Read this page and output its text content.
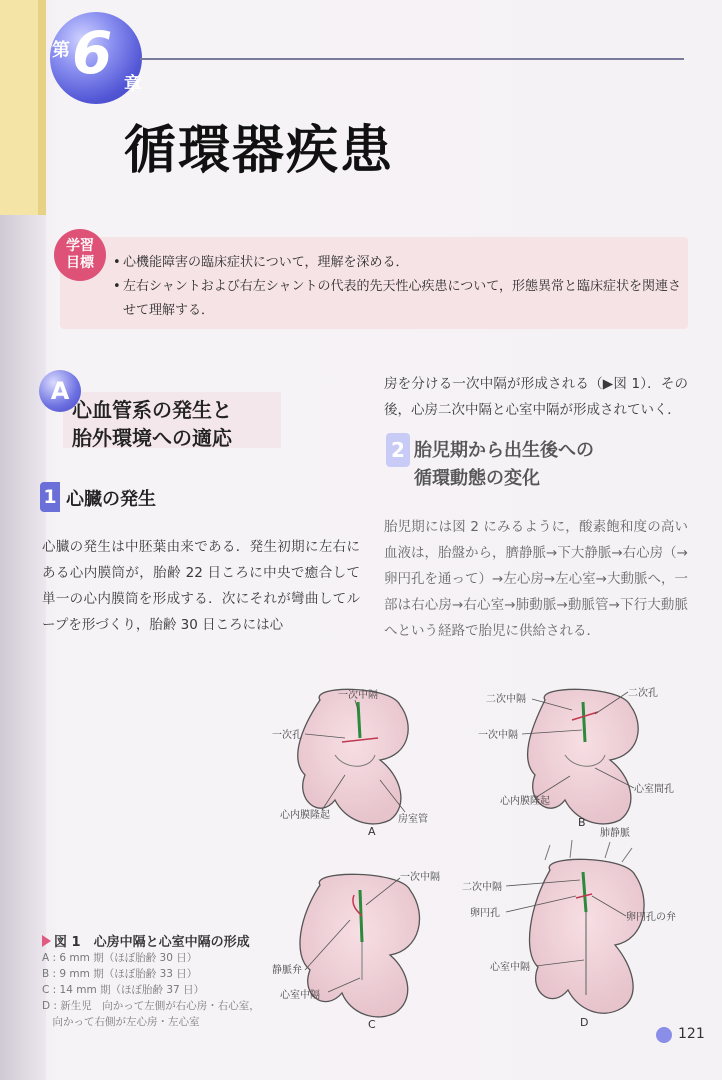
第 6 章
循環器疾患
学習
目標
•	心機能障害の臨床症状について，理解を深める．
• 左右シャントおよび右左シャントの代表的先天性心疾患について，形態異常と臨床症状を関連させて理解する．
A
心血管系の発生と
胎外環境への適応
1 心臓の発生
心臓の発生は中胚葉由来である．発生初期に左右にある心内膜筒が，胎齢 22 日ころに中央で癒合して単一の心内膜筒を形成する．次にそれが彎曲してループを形づくり，胎齢 30 日ころには心
房を分ける一次中隔が形成される（▶図 1）．その後，心房二次中隔と心室中隔が形成されていく．
2 胎児期から出生後への
循環動態の変化
胎児期には図 2 にみるように，酸素飽和度の高い血液は，胎盤から，臍静脈→下大静脈→右心房（→卵円孔を通って）→左心房→左心室→大動脈へ，一部は右心房→右心室→肺動脈→動脈管→下行大動脈へという経路で胎児に供給される．
一次中隔
一次孔
心内膜隆起	房室管
A
二次中隔
二次孔
一次中隔
心室間孔
心内膜隆起
B
一次中隔
静脈弁
心室中隔
C
肺静脈
二次中隔
卵円孔	卵円孔の弁
心室中隔
D
図 1　心房中隔と心室中隔の形成
A : 6 mm 期（ほぼ胎齢 30 日）
B : 9 mm 期（ほぼ胎齢 33 日）
C : 14 mm 期（ほぼ胎齢 37 日）
D : 新生児　向かって左側が右心房・右心室，
　向かって右側が左心房・左心室
121
